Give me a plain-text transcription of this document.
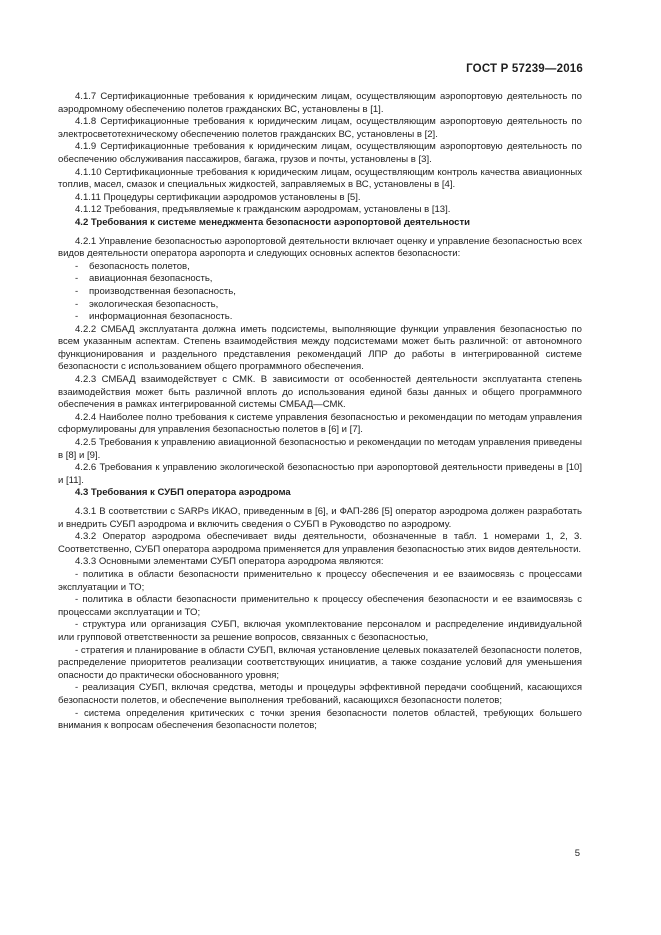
ГОСТ Р 57239—2016

4.1.7 Сертификационные требования к юридическим лицам, осуществляющим аэропортовую деятельность по аэродромному обеспечению полетов гражданских ВС, установлены в [1].

4.1.8 Сертификационные требования к юридическим лицам, осуществляющим аэропортовую деятельность по электросветотехническому обеспечению полетов гражданских ВС, установлены в [2].

4.1.9 Сертификационные требования к юридическим лицам, осуществляющим аэропортовую деятельность по обеспечению обслуживания пассажиров, багажа, грузов и почты, установлены в [3].

4.1.10 Сертификационные требования к юридическим лицам, осуществляющим контроль качества авиационных топлив, масел, смазок и специальных жидкостей, заправляемых в ВС, установлены в [4].

4.1.11 Процедуры сертификации аэродромов установлены в [5].

4.1.12 Требования, предъявляемые к гражданским аэродромам, установлены в [13].

4.2 Требования к системе менеджмента безопасности аэропортовой деятельности

4.2.1 Управление безопасностью аэропортовой деятельности включает оценку и управление безопасностью всех видов деятельности оператора аэропорта и следующих основных аспектов безопасности:

- безопасность полетов,

- авиационная безопасность,

- производственная безопасность,

- экологическая безопасность,

- информационная безопасность.

4.2.2 СМБАД эксплуатанта должна иметь подсистемы, выполняющие функции управления безопасностью по всем указанным аспектам. Степень взаимодействия между подсистемами может быть различной: от автономного функционирования и раздельного представления рекомендаций ЛПР до работы в интегрированной системе безопасности с использованием общего программного обеспечения.

4.2.3 СМБАД взаимодействует с СМК. В зависимости от особенностей деятельности эксплуатанта степень взаимодействия может быть различной вплоть до использования единой базы данных и общего программного обеспечения в рамках интегрированной системы СМБАД—СМК.

4.2.4 Наиболее полно требования к системе управления безопасностью и рекомендации по методам управления сформулированы для управления безопасностью полетов в [6] и [7].

4.2.5 Требования к управлению авиационной безопасностью и рекомендации по методам управления приведены в [8] и [9].

4.2.6 Требования к управлению экологической безопасностью при аэропортовой деятельности приведены в [10] и [11].

4.3 Требования к СУБП оператора аэродрома

4.3.1 В соответствии с SARPs ИКАО, приведенным в [6], и ФАП-286 [5] оператор аэродрома должен разработать и внедрить СУБП аэродрома и включить сведения о СУБП в Руководство по аэродрому.

4.3.2 Оператор аэродрома обеспечивает виды деятельности, обозначенные в табл. 1 номерами 1, 2, 3. Соответственно, СУБП оператора аэродрома применяется для управления безопасностью этих видов деятельности.

4.3.3 Основными элементами СУБП оператора аэродрома являются:

- политика в области безопасности применительно к процессу обеспечения и ее взаимосвязь с процессами эксплуатации и ТО;

- политика в области безопасности применительно к процессу обеспечения безопасности и ее взаимосвязь с процессами эксплуатации и ТО;

- структура или организация СУБП, включая укомплектование персоналом и распределение индивидуальной или групповой ответственности за решение вопросов, связанных с безопасностью,

- стратегия и планирование в области СУБП, включая установление целевых показателей безопасности полетов, распределение приоритетов реализации соответствующих инициатив, а также создание условий для уменьшения опасности до практически обоснованного уровня;

- реализация СУБП, включая средства, методы и процедуры эффективной передачи сообщений, касающихся безопасности полетов, и обеспечение выполнения требований, касающихся безопасности полетов;

- система определения критических с точки зрения безопасности полетов областей, требующих большего внимания к вопросам обеспечения безопасности полетов;

5
